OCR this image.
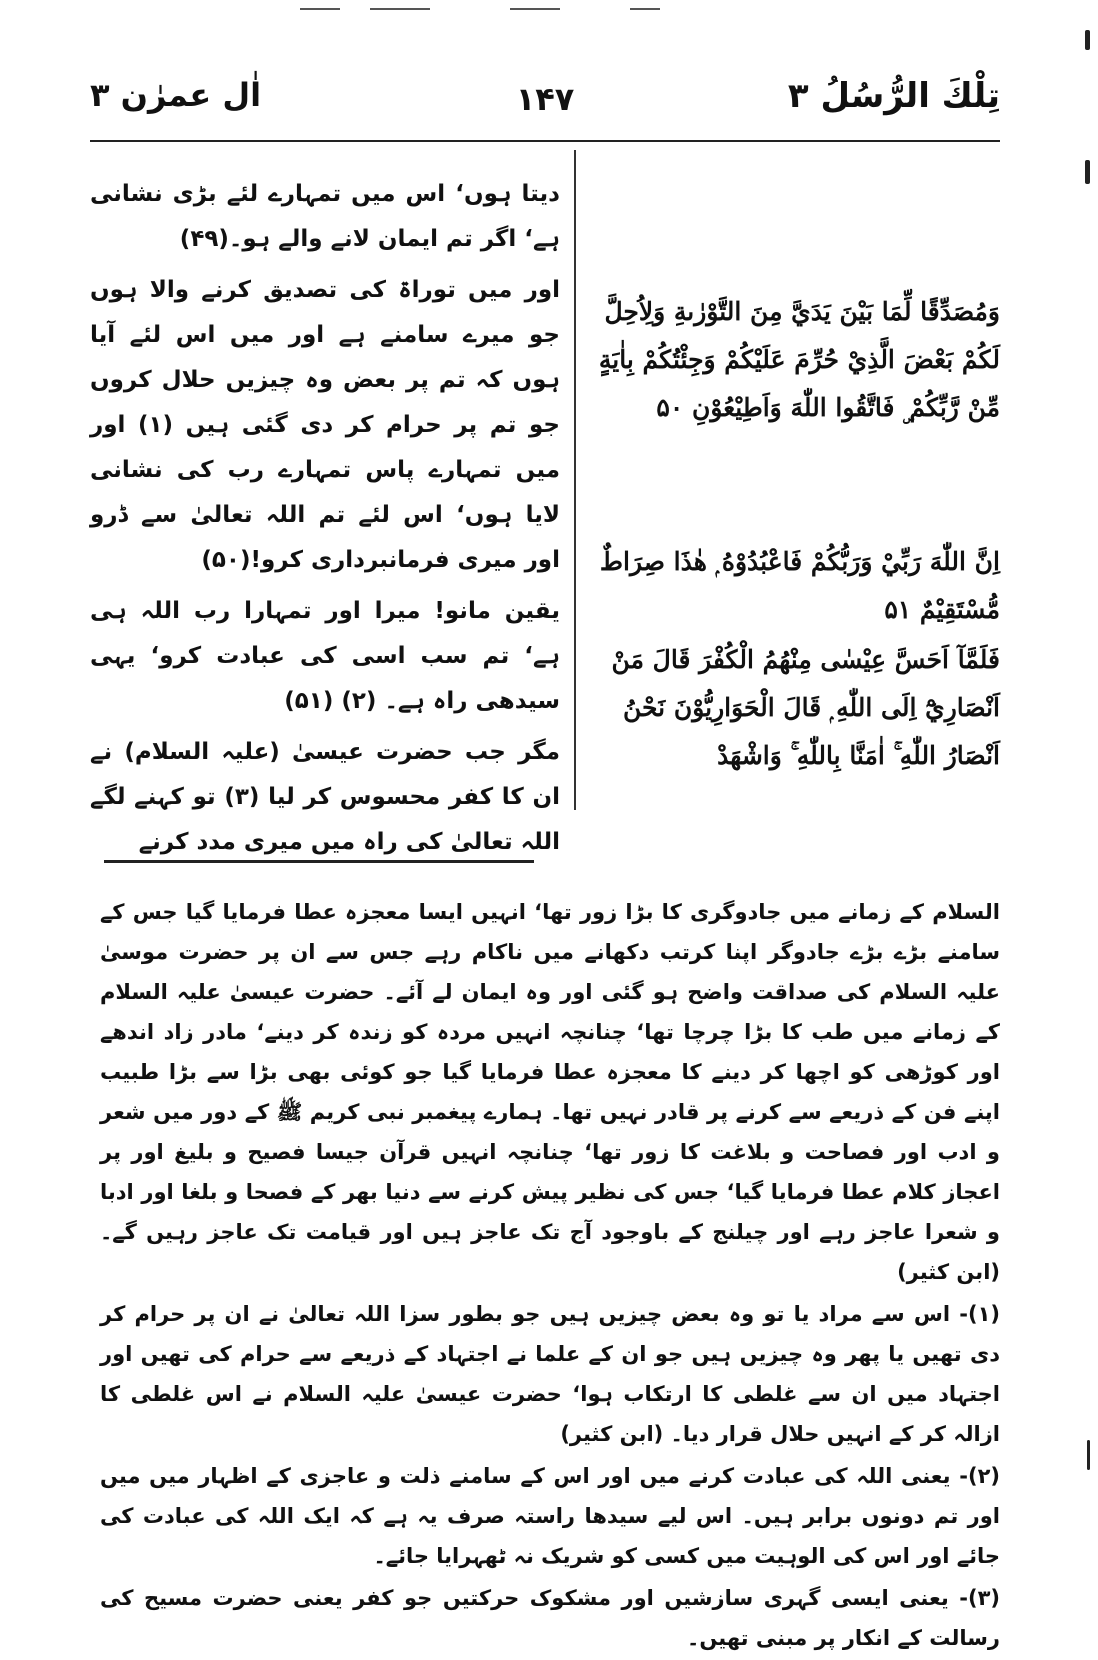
تِلْكَ الرُّسُلُ ۳
۱۴۷
اٰل عمرٰن ۳

دیتا ہوں‘ اس میں تمہارے لئے بڑی نشانی ہے‘ اگر تم ایمان لانے والے ہو۔(۴۹)

اور میں توراۃ کی تصدیق کرنے والا ہوں جو میرے سامنے ہے اور میں اس لئے آیا ہوں کہ تم پر بعض وہ چیزیں حلال کروں جو تم پر حرام کر دی گئی ہیں (۱) اور میں تمہارے پاس تمہارے رب کی نشانی لایا ہوں‘ اس لئے تم اللہ تعالیٰ سے ڈرو اور میری فرمانبرداری کرو!(۵۰)

یقین مانو! میرا اور تمہارا رب اللہ ہی ہے‘ تم سب اسی کی عبادت کرو‘ یہی سیدھی راہ ہے۔ (۲) (۵۱)

مگر جب حضرت عیسیٰ (علیہ السلام) نے ان کا کفر محسوس کر لیا (۳) تو کہنے لگے اللہ تعالیٰ کی راہ میں میری مدد کرنے

وَمُصَدِّقًا لِّمَا بَيْنَ يَدَيَّ مِنَ التَّوْرٰىةِ وَلِاُحِلَّ لَكُمْ بَعْضَ الَّذِيْ حُرِّمَ عَلَيْكُمْ وَجِئْتُكُمْ بِاٰيَةٍ مِّنْ رَّبِّكُمْ ۣ فَاتَّقُوا اللّٰهَ وَاَطِيْعُوْنِ ۵۰
اِنَّ اللّٰهَ رَبِّيْ وَرَبُّكُمْ فَاعْبُدُوْهُ ۭ ھٰذَا صِرَاطٌ مُّسْتَقِيْمٌ ۵۱
فَلَمَّآ اَحَسَّ عِيْسٰى مِنْهُمُ الْكُفْرَ قَالَ مَنْ اَنْصَارِيْٓ اِلَى اللّٰهِ ۭ قَالَ الْحَوَارِيُّوْنَ نَحْنُ اَنْصَارُ اللّٰهِ ۚ اٰمَنَّا بِاللّٰهِ ۚ وَاشْهَدْ

السلام کے زمانے میں جادوگری کا بڑا زور تھا‘ انہیں ایسا معجزہ عطا فرمایا گیا جس کے سامنے بڑے بڑے جادوگر اپنا کرتب دکھانے میں ناکام رہے جس سے ان پر حضرت موسیٰ علیہ السلام کی صداقت واضح ہو گئی اور وہ ایمان لے آئے۔ حضرت عیسیٰ علیہ السلام کے زمانے میں طب کا بڑا چرچا تھا‘ چنانچہ انہیں مردہ کو زندہ کر دینے‘ مادر زاد اندھے اور کوڑھی کو اچھا کر دینے کا معجزہ عطا فرمایا گیا جو کوئی بھی بڑا سے بڑا طبیب اپنے فن کے ذریعے سے کرنے پر قادر نہیں تھا۔ ہمارے پیغمبر نبی کریم ﷺ کے دور میں شعر و ادب اور فصاحت و بلاغت کا زور تھا‘ چنانچہ انہیں قرآن جیسا فصیح و بلیغ اور پر اعجاز کلام عطا فرمایا گیا‘ جس کی نظیر پیش کرنے سے دنیا بھر کے فصحا و بلغا اور ادبا و شعرا عاجز رہے اور چیلنج کے باوجود آج تک عاجز ہیں اور قیامت تک عاجز رہیں گے۔ (ابن کثیر)

(۱)- اس سے مراد یا تو وہ بعض چیزیں ہیں جو بطور سزا اللہ تعالیٰ نے ان پر حرام کر دی تھیں یا پھر وہ چیزیں ہیں جو ان کے علما نے اجتہاد کے ذریعے سے حرام کی تھیں اور اجتہاد میں ان سے غلطی کا ارتکاب ہوا‘ حضرت عیسیٰ علیہ السلام نے اس غلطی کا ازالہ کر کے انہیں حلال قرار دیا۔ (ابن کثیر)

(۲)- یعنی اللہ کی عبادت کرنے میں اور اس کے سامنے ذلت و عاجزی کے اظہار میں میں اور تم دونوں برابر ہیں۔ اس لیے سیدھا راستہ صرف یہ ہے کہ ایک اللہ کی عبادت کی جائے اور اس کی الوہیت میں کسی کو شریک نہ ٹھہرایا جائے۔

(۳)- یعنی ایسی گہری سازشیں اور مشکوک حرکتیں جو کفر یعنی حضرت مسیح کی رسالت کے انکار پر مبنی تھیں۔
